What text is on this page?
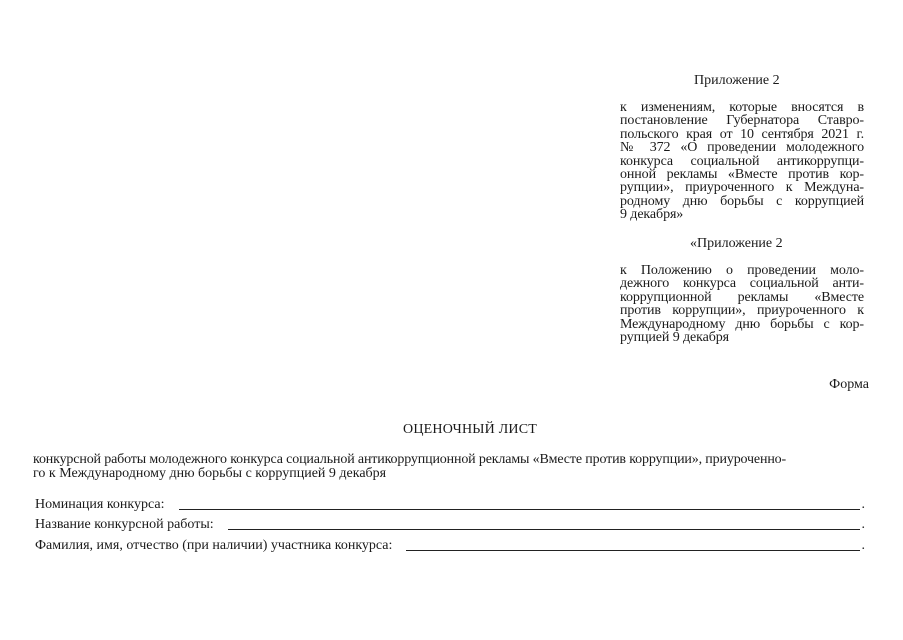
Приложение 2
к изменениям, которые вносятся в
постановление Губернатора Ставро-
польского края от 10 сентября 2021 г.
№ 372 «О проведении молодежного
конкурса социальной антикоррупци-
онной рекламы «Вместе против кор-
рупции», приуроченного к Междуна-
родному дню борьбы с коррупцией
9 декабря»
«Приложение 2
к Положению о проведении моло-
дежного конкурса социальной анти-
коррупционной рекламы «Вместе
против коррупции», приуроченного к
Международному дню борьбы с кор-
рупцией 9 декабря
Форма
ОЦЕНОЧНЫЙ ЛИСТ
конкурсной работы молодежного конкурса социальной антикоррупционной рекламы «Вместе против коррупции», приуроченно-
го к Международному дню борьбы с коррупцией 9 декабря
Номинация конкурса:	.
Название конкурсной работы:	.
Фамилия, имя, отчество (при наличии) участника конкурса:	.
